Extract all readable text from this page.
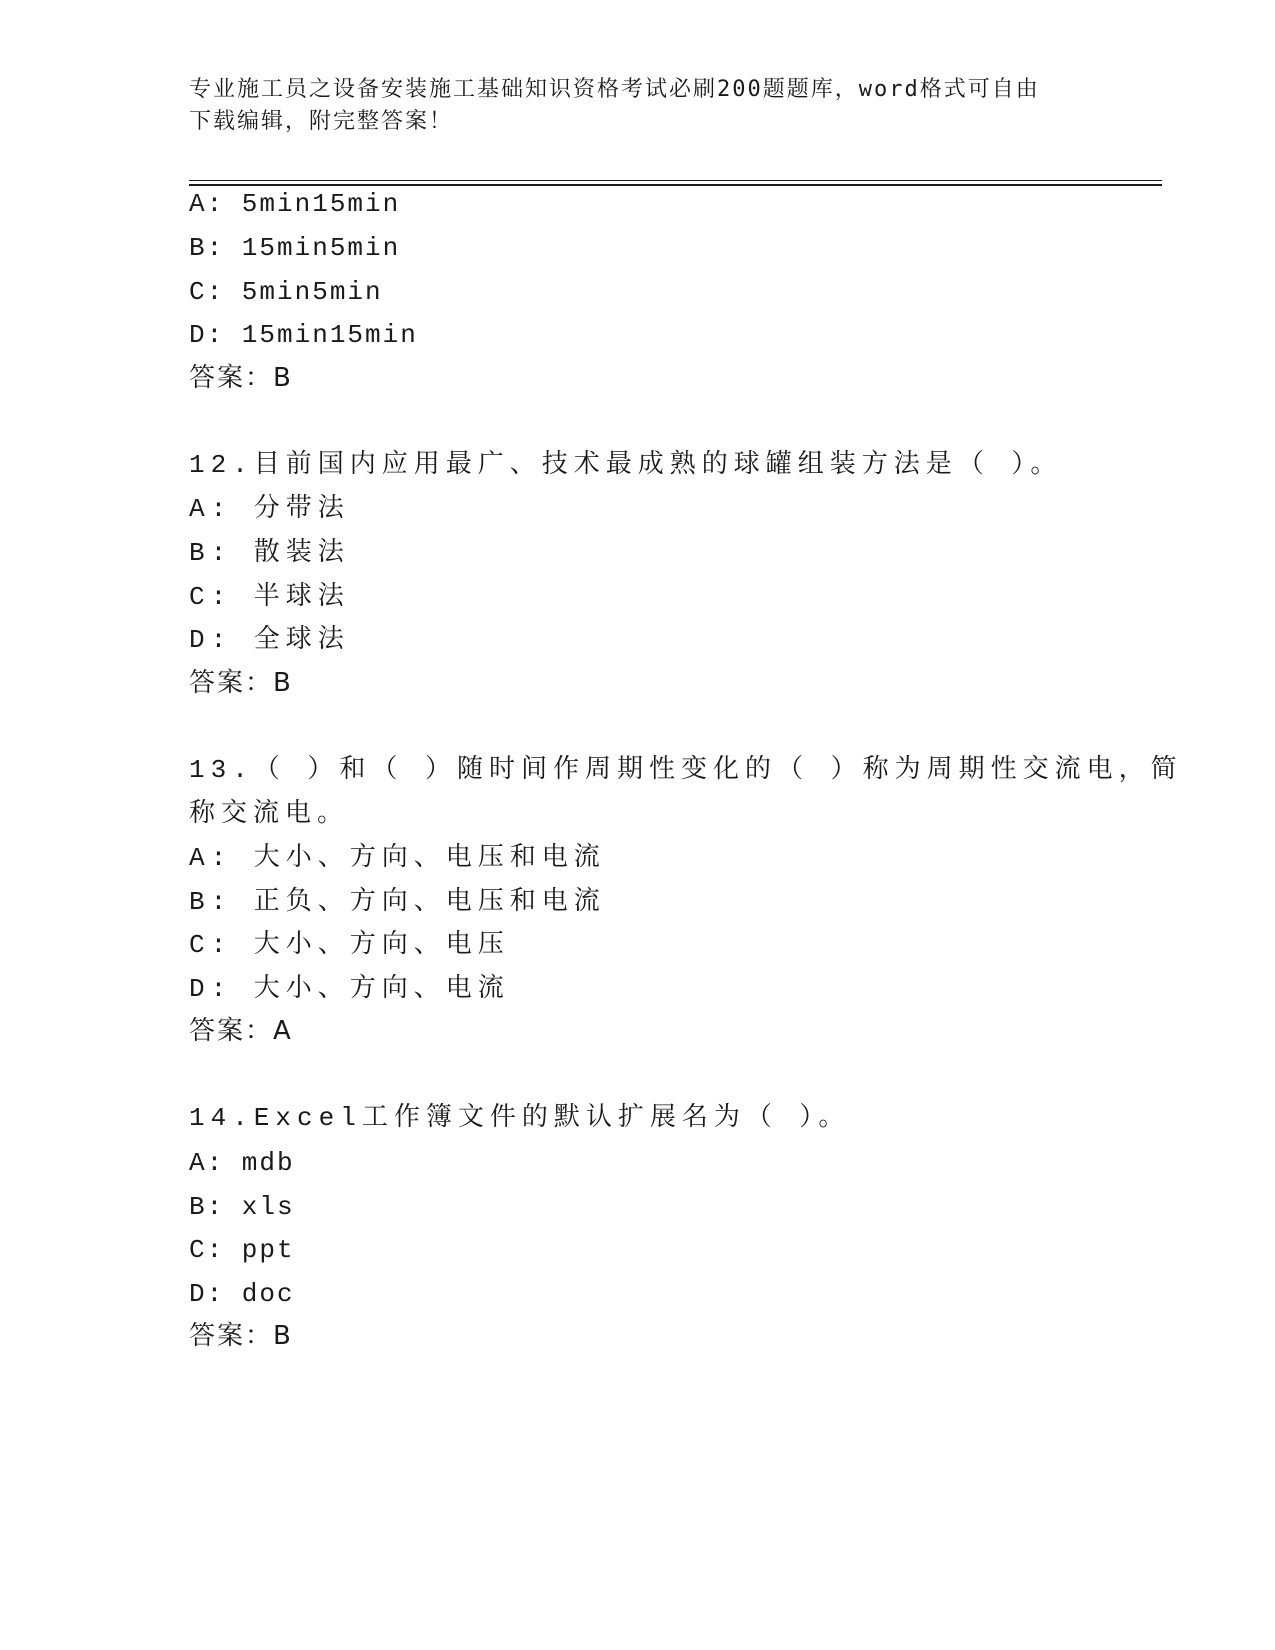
专业施工员之设备安装施工基础知识资格考试必刷200题题库，word格式可自由
下载编辑，附完整答案！
A: 5min15min
B: 15min5min
C: 5min5min
D: 15min15min
答案：B
12.目前国内应用最广、技术最成熟的球罐组装方法是（ ）。
A: 分带法
B: 散装法
C: 半球法
D: 全球法
答案：B
13.（ ）和（ ）随时间作周期性变化的（ ）称为周期性交流电，简
称交流电。
A: 大小、方向、电压和电流
B: 正负、方向、电压和电流
C: 大小、方向、电压
D: 大小、方向、电流
答案：A
14.Excel工作簿文件的默认扩展名为（ ）。
A: mdb
B: xls
C: ppt
D: doc
答案：B
